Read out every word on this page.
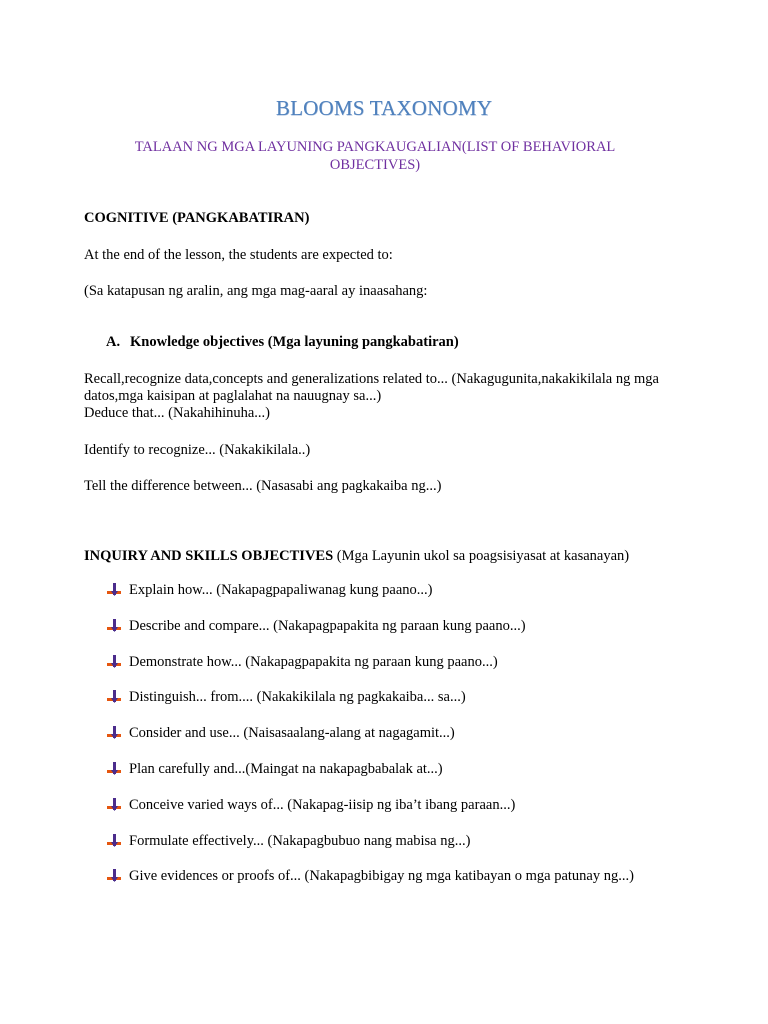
BLOOMS TAXONOMY
TALAAN NG MGA LAYUNING PANGKAUGALIAN(LIST OF BEHAVIORAL OBJECTIVES)
COGNITIVE (PANGKABATIRAN)
At the end of the lesson, the students are expected to:
(Sa katapusan ng aralin, ang mga mag-aaral ay inaasahang:
A. Knowledge objectives (Mga layuning pangkabatiran)
Recall,recognize data,concepts and generalizations related to... (Nakagugunita,nakakikilala ng mga datos,mga kaisipan at paglalahat na nauugnay sa...)
Deduce that... (Nakahihinuha...)
Identify to recognize... (Nakakikilala..)
Tell the difference between... (Nasasabi ang pagkakaiba ng...)
INQUIRY AND SKILLS OBJECTIVES (Mga Layunin ukol sa poagsisiyasat at kasanayan)
Explain how... (Nakapagpapaliwanag kung paano...)
Describe and compare... (Nakapagpapakita ng paraan kung paano...)
Demonstrate how... (Nakapagpapakita ng paraan kung paano...)
Distinguish... from.... (Nakakikilala ng pagkakaiba... sa...)
Consider and use... (Naisasaalang-alang at nagagamit...)
Plan carefully and...(Maingat na nakapagbabalak at...)
Conceive varied ways of... (Nakapag-iisip ng iba’t ibang paraan...)
Formulate effectively... (Nakapagbubuo nang mabisa ng...)
Give evidences or proofs of... (Nakapagbibigay ng mga katibayan o mga patunay ng...)
